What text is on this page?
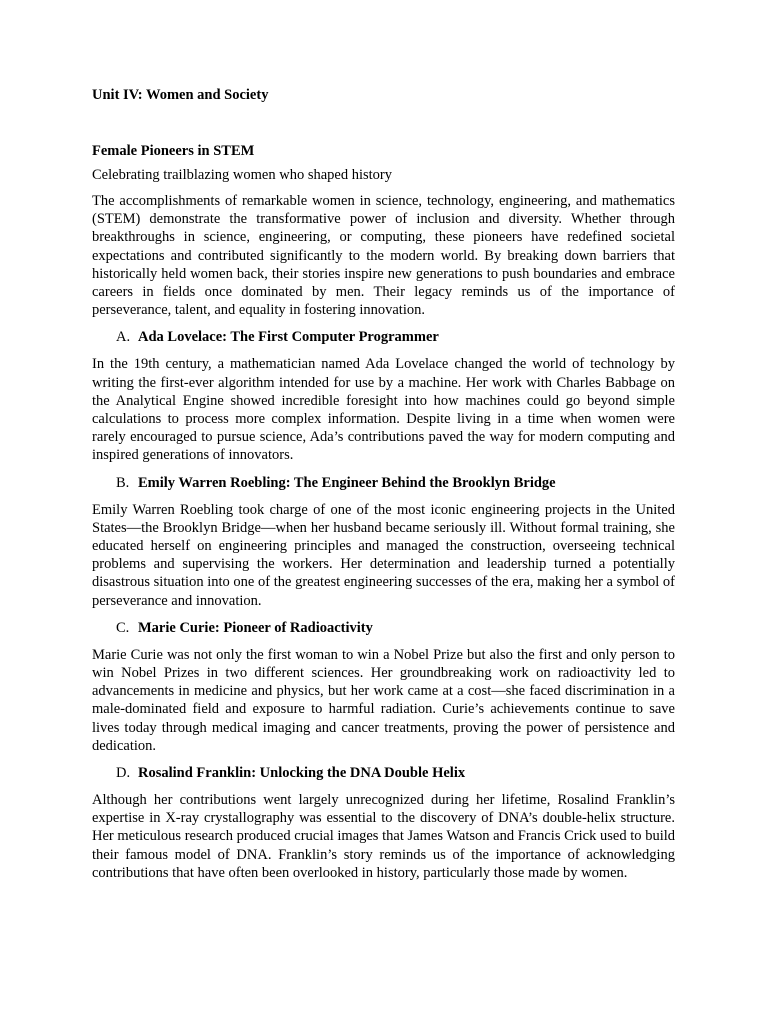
Unit IV: Women and Society

Female Pioneers in STEM

Celebrating trailblazing women who shaped history

The accomplishments of remarkable women in science, technology, engineering, and mathematics (STEM) demonstrate the transformative power of inclusion and diversity. Whether through breakthroughs in science, engineering, or computing, these pioneers have redefined societal expectations and contributed significantly to the modern world. By breaking down barriers that historically held women back, their stories inspire new generations to push boundaries and embrace careers in fields once dominated by men. Their legacy reminds us of the importance of perseverance, talent, and equality in fostering innovation.

A. Ada Lovelace: The First Computer Programmer

In the 19th century, a mathematician named Ada Lovelace changed the world of technology by writing the first-ever algorithm intended for use by a machine. Her work with Charles Babbage on the Analytical Engine showed incredible foresight into how machines could go beyond simple calculations to process more complex information. Despite living in a time when women were rarely encouraged to pursue science, Ada’s contributions paved the way for modern computing and inspired generations of innovators.

B. Emily Warren Roebling: The Engineer Behind the Brooklyn Bridge

Emily Warren Roebling took charge of one of the most iconic engineering projects in the United States—the Brooklyn Bridge—when her husband became seriously ill. Without formal training, she educated herself on engineering principles and managed the construction, overseeing technical problems and supervising the workers. Her determination and leadership turned a potentially disastrous situation into one of the greatest engineering successes of the era, making her a symbol of perseverance and innovation.

C. Marie Curie: Pioneer of Radioactivity

Marie Curie was not only the first woman to win a Nobel Prize but also the first and only person to win Nobel Prizes in two different sciences. Her groundbreaking work on radioactivity led to advancements in medicine and physics, but her work came at a cost—she faced discrimination in a male-dominated field and exposure to harmful radiation. Curie’s achievements continue to save lives today through medical imaging and cancer treatments, proving the power of persistence and dedication.

D. Rosalind Franklin: Unlocking the DNA Double Helix

Although her contributions went largely unrecognized during her lifetime, Rosalind Franklin’s expertise in X-ray crystallography was essential to the discovery of DNA’s double-helix structure. Her meticulous research produced crucial images that James Watson and Francis Crick used to build their famous model of DNA. Franklin’s story reminds us of the importance of acknowledging contributions that have often been overlooked in history, particularly those made by women.
